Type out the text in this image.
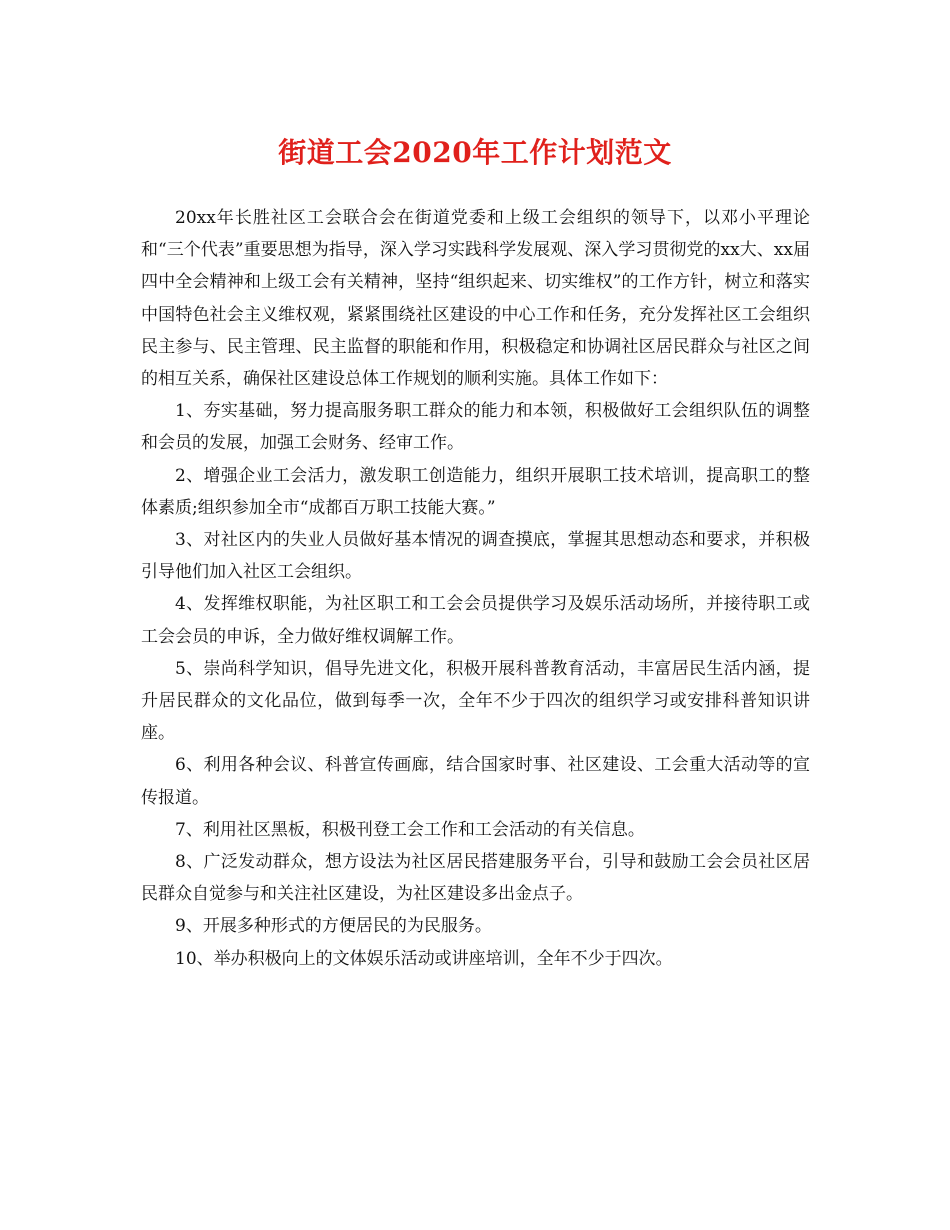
街道工会2020年工作计划范文

20xx年长胜社区工会联合会在街道党委和上级工会组织的领导下，以邓小平理论和“三个代表”重要思想为指导，深入学习实践科学发展观、深入学习贯彻党的xx大、xx届四中全会精神和上级工会有关精神，坚持“组织起来、切实维权”的工作方针，树立和落实中国特色社会主义维权观，紧紧围绕社区建设的中心工作和任务，充分发挥社区工会组织民主参与、民主管理、民主监督的职能和作用，积极稳定和协调社区居民群众与社区之间的相互关系，确保社区建设总体工作规划的顺利实施。具体工作如下：

1、夯实基础，努力提高服务职工群众的能力和本领，积极做好工会组织队伍的调整和会员的发展，加强工会财务、经审工作。

2、增强企业工会活力，激发职工创造能力，组织开展职工技术培训，提高职工的整体素质;组织参加全市“成都百万职工技能大赛。”

3、对社区内的失业人员做好基本情况的调查摸底，掌握其思想动态和要求，并积极引导他们加入社区工会组织。

4、发挥维权职能，为社区职工和工会会员提供学习及娱乐活动场所，并接待职工或工会会员的申诉，全力做好维权调解工作。

5、崇尚科学知识，倡导先进文化，积极开展科普教育活动，丰富居民生活内涵，提升居民群众的文化品位，做到每季一次，全年不少于四次的组织学习或安排科普知识讲座。

6、利用各种会议、科普宣传画廊，结合国家时事、社区建设、工会重大活动等的宣传报道。

7、利用社区黑板，积极刊登工会工作和工会活动的有关信息。

8、广泛发动群众，想方设法为社区居民搭建服务平台，引导和鼓励工会会员社区居民群众自觉参与和关注社区建设，为社区建设多出金点子。

9、开展多种形式的方便居民的为民服务。

10、举办积极向上的文体娱乐活动或讲座培训，全年不少于四次。
